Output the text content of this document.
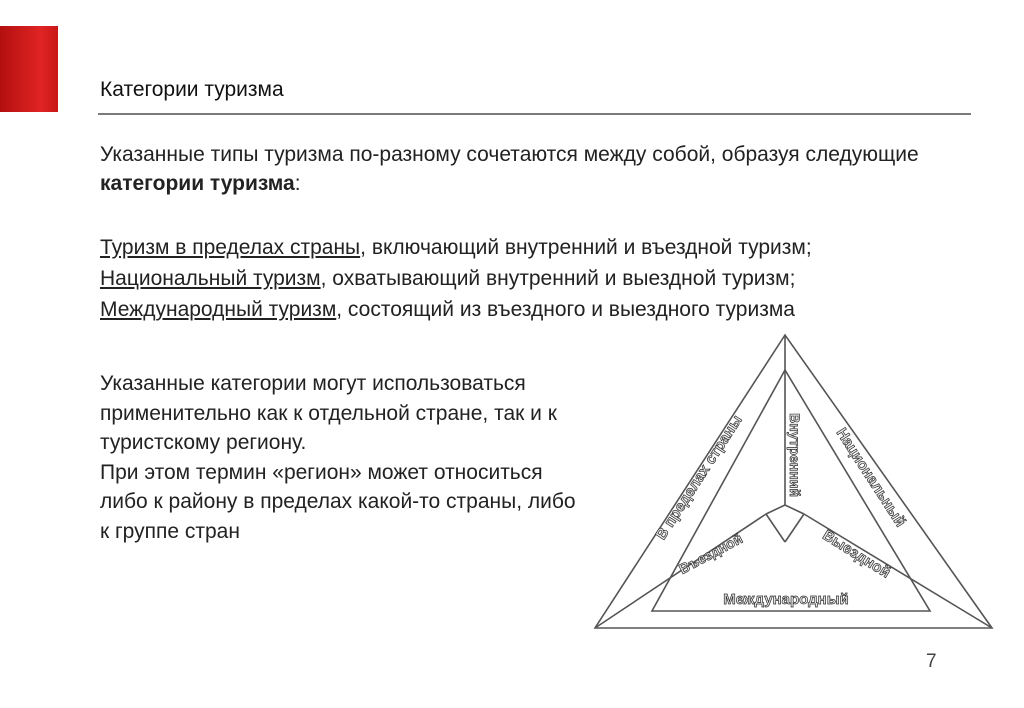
Категории туризма

Указанные типы туризма по-разному сочетаются между собой, образуя следующие категории туризма:

Туризм в пределах страны, включающий внутренний и въездной туризм;
Национальный туризм, охватывающий внутренний и выездной туризм;
Международный туризм, состоящий из въездного и выездного туризма

Указанные категории могут использоваться применительно как к отдельной стране, так и к туристскому региону.

При этом термин «регион» может относиться либо к району в пределах какой-то страны, либо к группе стран	В пределах страны	Национальный
Международный
Внутренний
Въездной	Выездной
7
